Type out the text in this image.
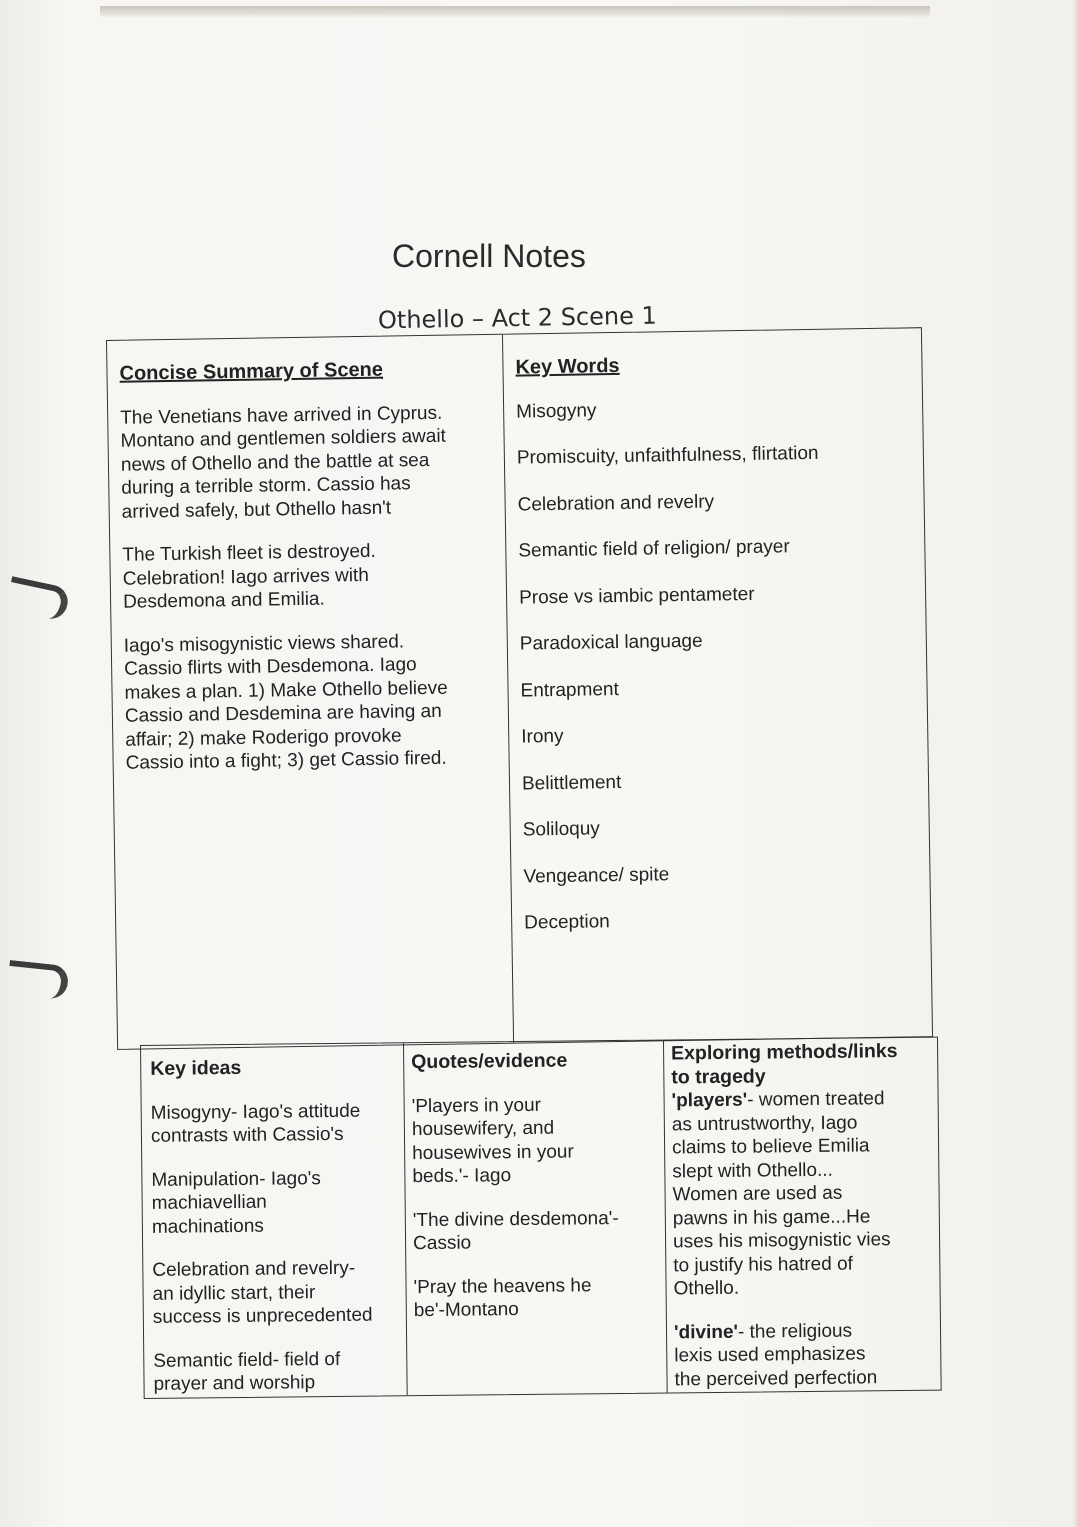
Cornell Notes
Othello – Act 2 Scene 1
Concise Summary of Scene
The Venetians have arrived in Cyprus.
Montano and gentlemen soldiers await
news of Othello and the battle at sea
during a terrible storm. Cassio has
arrived safely, but Othello hasn't
The Turkish fleet is destroyed.
Celebration! Iago arrives with
Desdemona and Emilia.
Iago's misogynistic views shared.
Cassio flirts with Desdemona. Iago
makes a plan. 1) Make Othello believe
Cassio and Desdemina are having an
affair; 2) make Roderigo provoke
Cassio into a fight; 3) get Cassio fired.
Key Words
Misogyny
Promiscuity, unfaithfulness, flirtation
Celebration and revelry
Semantic field of religion/ prayer
Prose vs iambic pentameter
Paradoxical language
Entrapment
Irony
Belittlement
Soliloquy
Vengeance/ spite
Deception
Key ideas
Misogyny- Iago's attitude
contrasts with Cassio's
Manipulation- Iago's
machiavellian
machinations
Celebration and revelry-
an idyllic start, their
success is unprecedented
Semantic field- field of
prayer and worship
Quotes/evidence
'Players in your
housewifery, and
housewives in your
beds.'- Iago
'The divine desdemona'-
Cassio
'Pray the heavens he
be'-Montano
Exploring methods/links
to tragedy
'players'- women treated
as untrustworthy, Iago
claims to believe Emilia
slept with Othello...
Women are used as
pawns in his game...He
uses his misogynistic vies
to justify his hatred of
Othello.
'divine'- the religious
lexis used emphasizes
the perceived perfection
